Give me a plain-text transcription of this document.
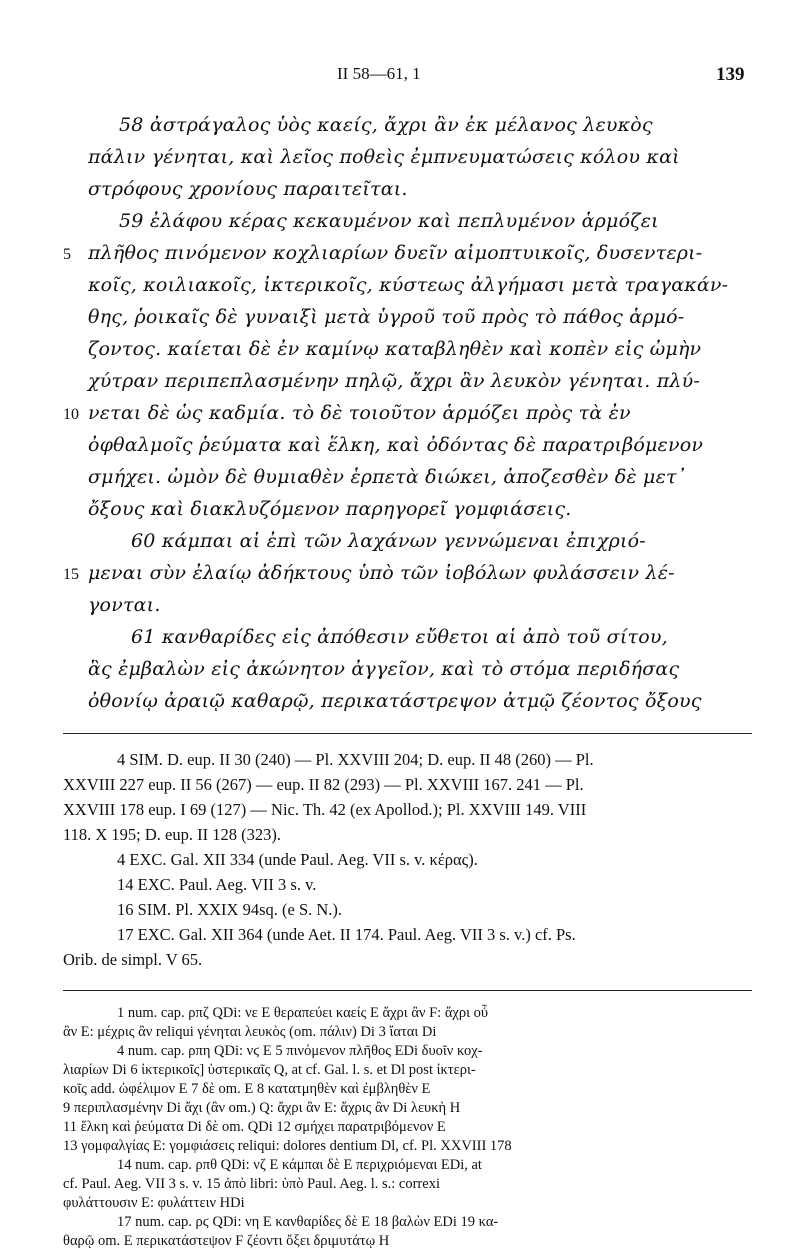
II 58—61, 1	139
58 ἀστράγαλος ὑὸς καείς, ἄχρι ἂν ἐκ μέλανος λευκὸς
πάλιν γένηται, καὶ λεῖος ποθεὶς ἐμπνευματώσεις κόλου καὶ
στρόφους χρονίους παραιτεῖται.
59 ἐλάφου κέρας κεκαυμένον καὶ πεπλυμένον ἁρμόζει
5 πλῆθος πινόμενον κοχλιαρίων δυεῖν αἱμοπτυικοῖς, δυσεντερι-
κοῖς, κοιλιακοῖς, ἰκτερικοῖς, κύστεως ἀλγήμασι μετὰ τραγακάν-
θης, ῥοικαῖς δὲ γυναιξὶ μετὰ ὑγροῦ τοῦ πρὸς τὸ πάθος ἁρμό-
ζοντος. καίεται δὲ ἐν καμίνῳ καταβληθὲν καὶ κοπὲν εἰς ὠμὴν
χύτραν περιπεπλασμένην πηλῷ, ἄχρι ἂν λευκὸν γένηται. πλύ-
10 νεται δὲ ὡς καδμία. τὸ δὲ τοιοῦτον ἁρμόζει πρὸς τὰ ἐν
ὀφθαλμοῖς ῥεύματα καὶ ἕλκη, καὶ ὀδόντας δὲ παρατριβόμενον
σμήχει. ὠμὸν δὲ θυμιαθὲν ἑρπετὰ διώκει, ἀποζεσθὲν δὲ μετ᾽
ὄξους καὶ διακλυζόμενον παρηγορεῖ γομφιάσεις.
60 κάμπαι αἱ ἐπὶ τῶν λαχάνων γεννώμεναι ἐπιχριό-
15 μεναι σὺν ἐλαίῳ ἀδήκτους ὑπὸ τῶν ἰοβόλων φυλάσσειν λέ-
γονται.
61 κανθαρίδες εἰς ἀπόθεσιν εὔθετοι αἱ ἀπὸ τοῦ σίτου,
ἃς ἐμβαλὼν εἰς ἀκώνητον ἀγγεῖον, καὶ τὸ στόμα περιδήσας
ὀθονίῳ ἀραιῷ καθαρῷ, περικατάστρεψον ἀτμῷ ζέοντος ὄξους
4 SIM. D. eup. II 30 (240) — Pl. XXVIII 204; D. eup. II 48 (260) — Pl.
XXVIII 227 eup. II 56 (267) — eup. II 82 (293) — Pl. XXVIII 167. 241 — Pl.
XXVIII 178 eup. I 69 (127) — Nic. Th. 42 (ex Apollod.); Pl. XXVIII 149. VIII
118. X 195; D. eup. II 128 (323).
4 EXC. Gal. XII 334 (unde Paul. Aeg. VII s. v. κέρας).
14 EXC. Paul. Aeg. VII 3 s. v.
16 SIM. Pl. XXIX 94sq. (e S. N.).
17 EXC. Gal. XII 364 (unde Aet. II 174. Paul. Aeg. VII 3 s. v.) cf. Ps.
Orib. de simpl. V 65.
1 num. cap. ρπζ QDi: νε E θεραπεύει καείς E ἄχρι ἂν F: ἄχρι οὗ
ἂν E: μέχρις ἂν reliqui γένηται λευκὸς (om. πάλιν) Di 3 ἴαται Di
4 num. cap. ρπη QDi: νϛ E 5 πινόμενον πλῆθος EDi δυοῖν κοχ-
λιαρίων Di 6 ἰκτερικοῖς] ὑστερικαῖς Q, at cf. Gal. l. s. et Dl post ἰκτερι-
κοῖς add. ὠφέλιμον E 7 δὲ om. E 8 κατατμηθὲν καὶ ἐμβληθὲν E
9 περιπλασμένην Di ἄχι (ἂν om.) Q: ἄχρι ἂν E: ἄχρις ἂν Di λευκὴ H
11 ἕλκη καὶ ῥεύματα Di δὲ om. QDi 12 σμήχει παρατριβόμενον E
13 γομφαλγίας E: γομφιάσεις reliqui: dolores dentium Dl, cf. Pl. XXVIII 178
14 num. cap. ρπθ QDi: νζ E κάμπαι δὲ E περιχριόμεναι EDi, at
cf. Paul. Aeg. VII 3 s. v. 15 ἀπὸ libri: ὑπὸ Paul. Aeg. l. s.: correxi
φυλάττουσιν E: φυλάττειν HDi
17 num. cap. ρϛ QDi: νη E κανθαρίδες δὲ E 18 βαλὼν EDi 19 κα-
θαρῷ om. E περικατάστεψον F ζέοντι ὄξει δριμυτάτῳ H
